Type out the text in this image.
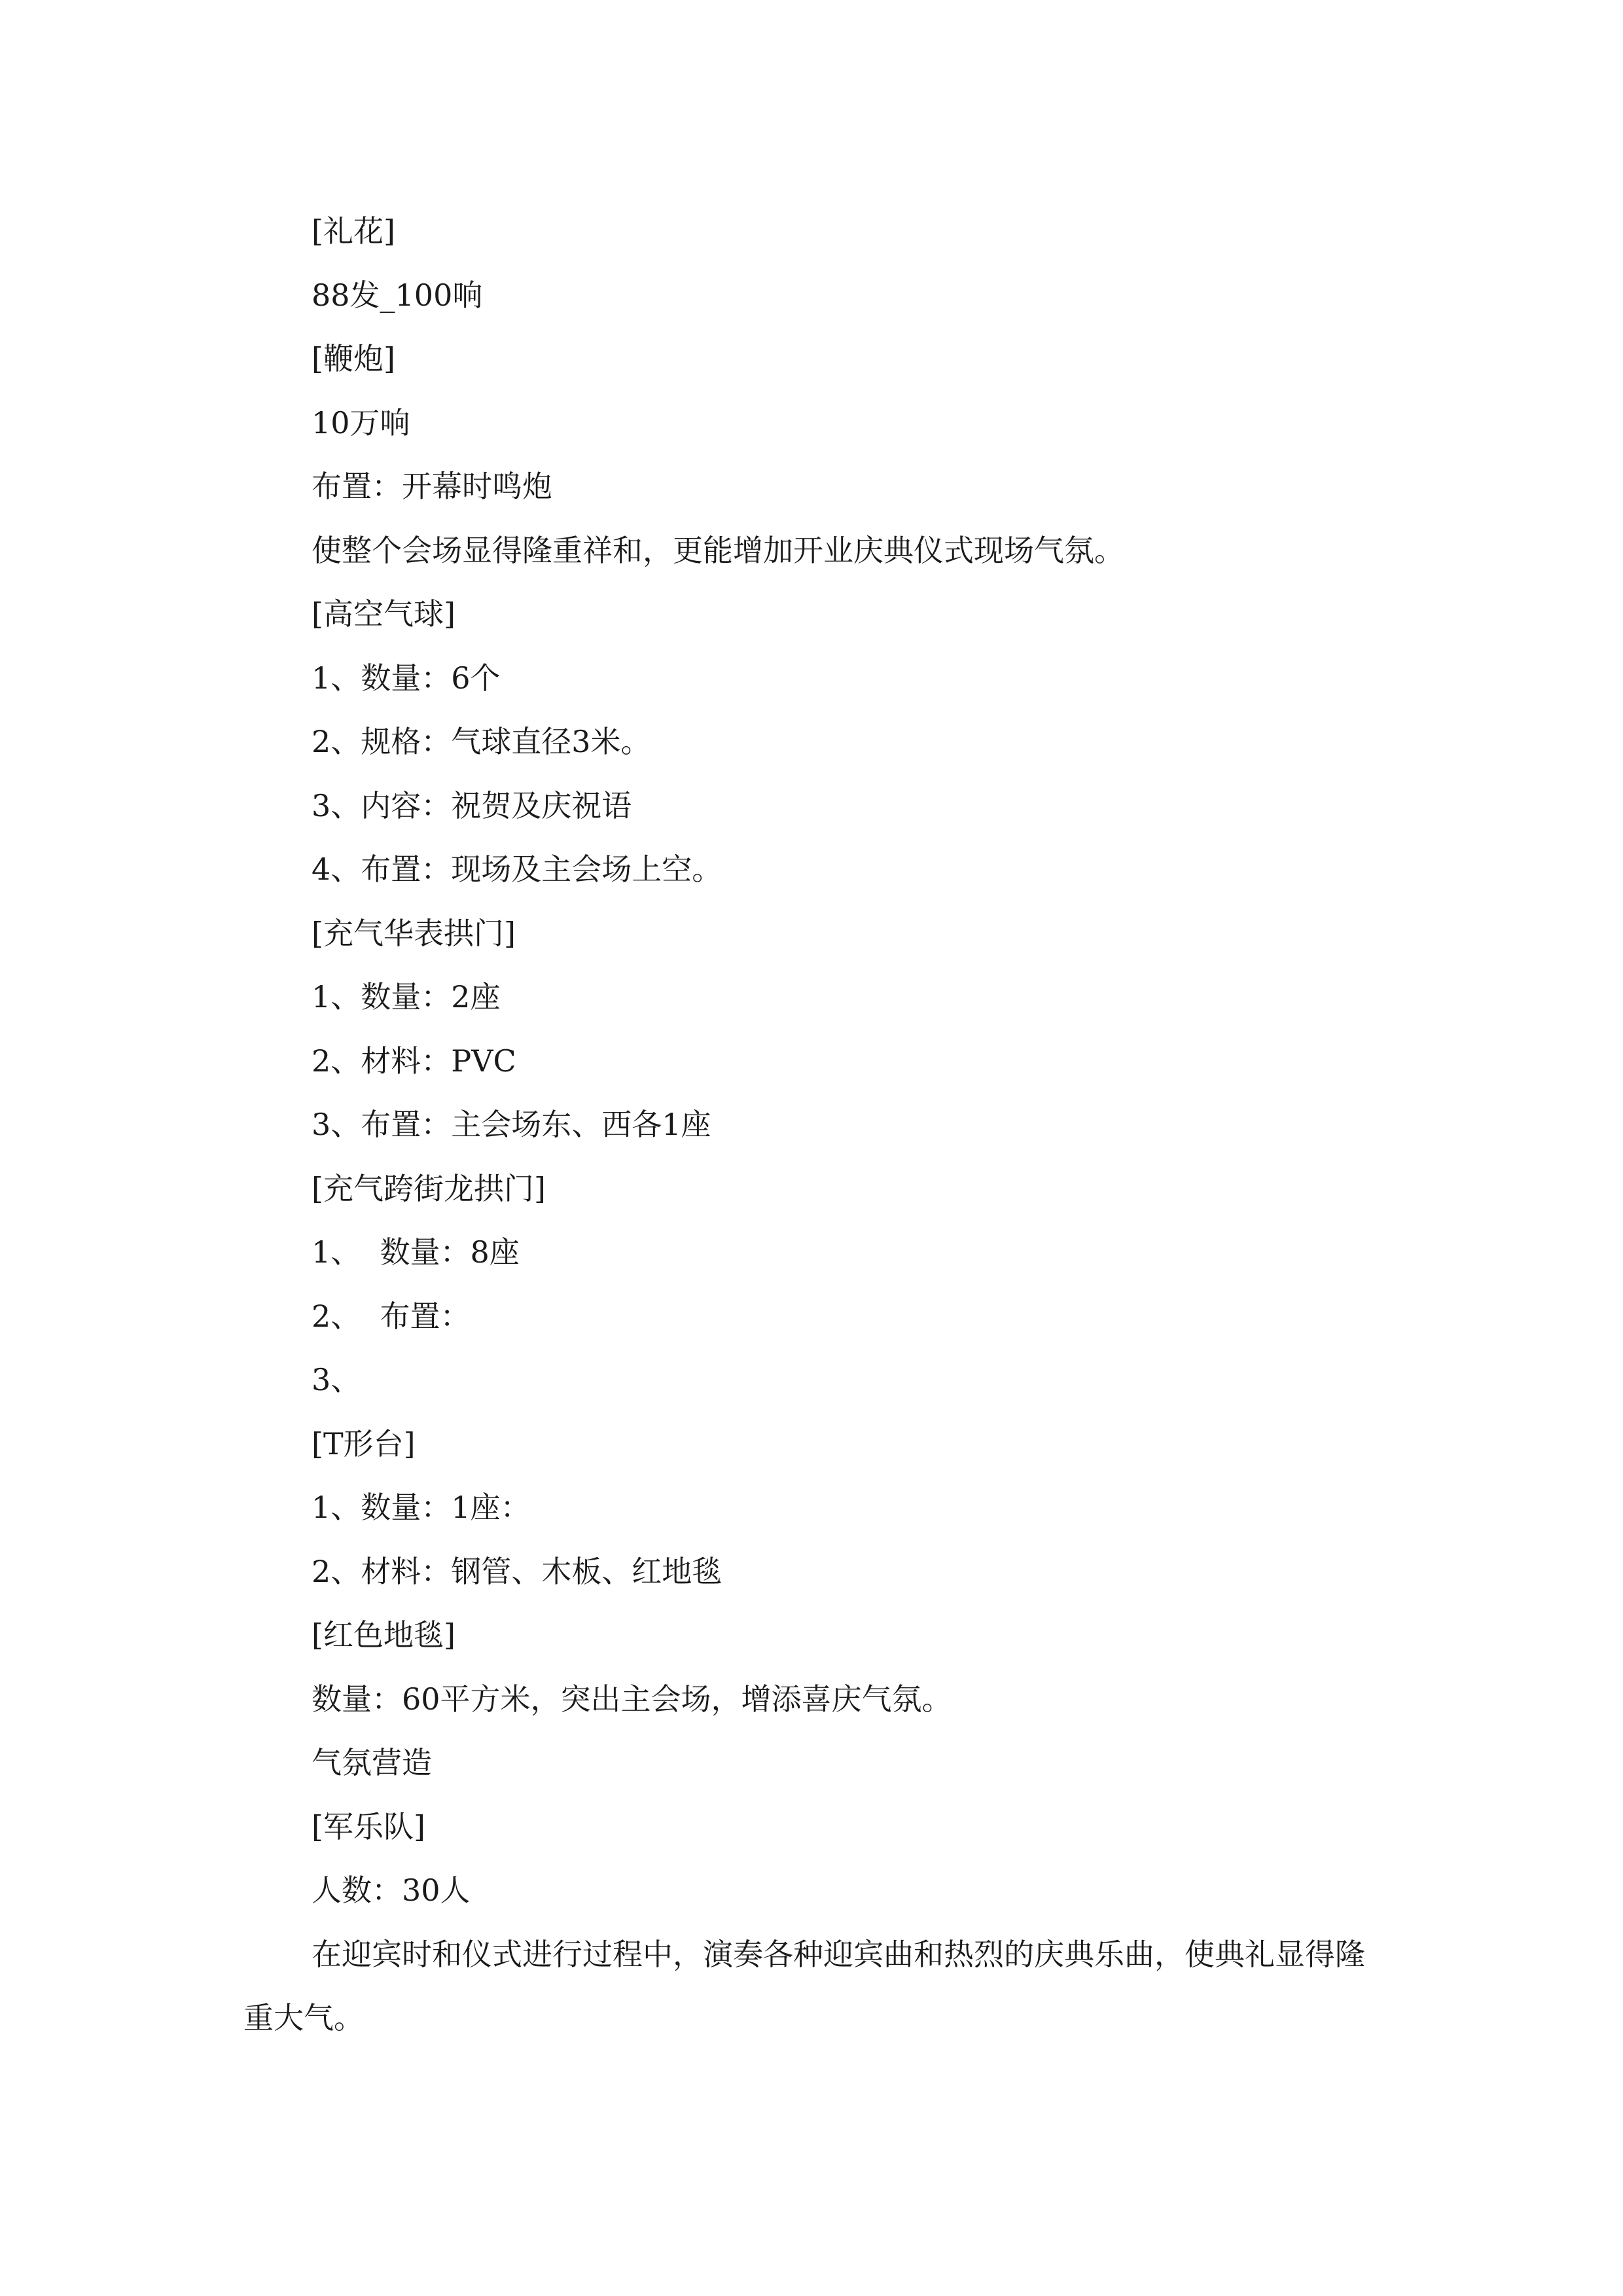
[礼花]
88发_100响
[鞭炮]
10万响
布置：开幕时鸣炮
使整个会场显得隆重祥和，更能增加开业庆典仪式现场气氛。
[高空气球]
1、数量：6个
2、规格：气球直径3米。
3、内容：祝贺及庆祝语
4、布置：现场及主会场上空。
[充气华表拱门]
1、数量：2座
2、材料：PVC
3、布置：主会场东、西各1座
[充气跨街龙拱门]
1、  数量：8座
2、  布置：
3、
[T形台]
1、数量：1座：
2、材料：钢管、木板、红地毯
[红色地毯]
数量：60平方米，突出主会场，增添喜庆气氛。
气氛营造
[军乐队]
人数：30人

在迎宾时和仪式进行过程中，演奏各种迎宾曲和热烈的庆典乐曲，使典礼显得隆重大气。
